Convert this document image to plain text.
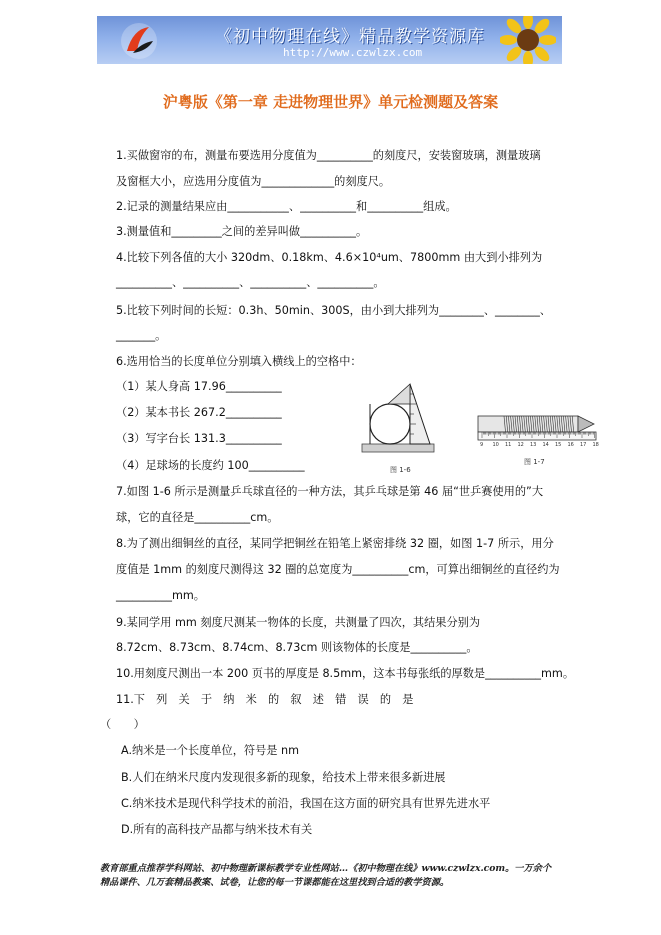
《初中物理在线》精品教学资源库
http://www.czwlzx.com
沪粤版《第一章 走进物理世界》单元检测题及答案
1.买做窗帘的布，测量布要选用分度值为__________的刻度尺，安装窗玻璃，测量玻璃
及窗框大小，应选用分度值为_____________的刻度尺。
2.记录的测量结果应由___________、__________和__________组成。
3.测量值和_________之间的差异叫做__________。
4.比较下列各值的大小 320dm、0.18km、4.6×10⁴um、7800mm 由大到小排列为
__________、__________、__________、__________。
5.比较下列时间的长短：0.3h、50min、300S，由小到大排列为________、________、
_______。
6.选用恰当的长度单位分别填入横线上的空格中：
（1）某人身高 17.96__________
（2）某本书长 267.2__________
（3）写字台长 131.3__________
（4）足球场的长度约 100__________
7.如图 1-6 所示是测量乒乓球直径的一种方法，其乒乓球是第 46 届“世乒赛使用的”大
球，它的直径是__________cm。
8.为了测出细铜丝的直径，某同学把铜丝在铅笔上紧密排绕 32 圈，如图 1-7 所示，用分
度值是 1mm 的刻度尺测得这 32 圈的总宽度为__________cm，可算出细铜丝的直径约为
__________mm。
9.某同学用 mm 刻度尺测某一物体的长度，共测量了四次，其结果分别为
8.72cm、8.73cm、8.74cm、8.73cm 则该物体的长度是__________。
10.用刻度尺测出一本 200 页书的厚度是 8.5mm，这本书每张纸的厚数是__________mm。
11.下　列　关　于　纳　米　的　叙　述　错　误　的　是
（　　）
A.纳米是一个长度单位，符号是 nm
B.人们在纳米尺度内发现很多新的现象，给技术上带来很多新进展
C.纳米技术是现代科学技术的前沿，我国在这方面的研究具有世界先进水平
D.所有的高科技产品都与纳米技术有关
图 1-6
9 10 11 12 13 14 15 16 17 18
图 1-7
教育部重点推荐学科网站、初中物理新课标教学专业性网站…《初中物理在线》www.czwlzx.com。一万余个精品课件、几万套精品教案、试卷，让您的每一节课都能在这里找到合适的教学资源。
